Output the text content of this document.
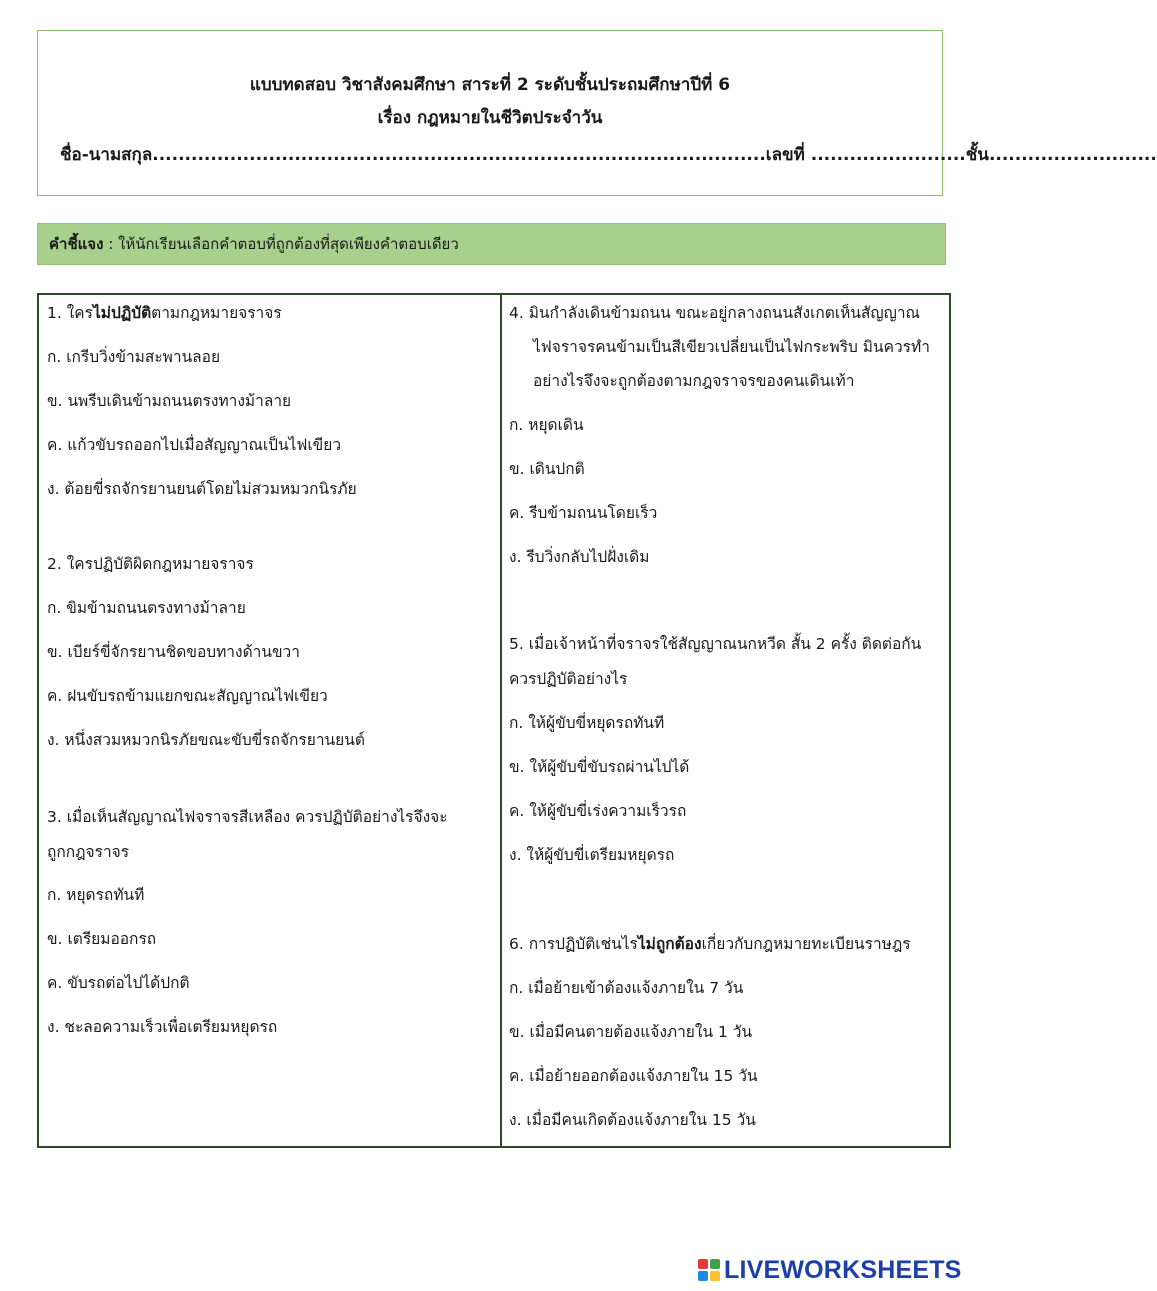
แบบทดสอบ วิชาสังคมศึกษา สาระที่ 2 ระดับชั้นประถมศึกษาปีที่ 6
เรื่อง กฎหมายในชีวิตประจำวัน
ชื่อ-นามสกุล...............................................................................................เลขที่ ........................ชั้น..........................
คำชี้แจง : ให้นักเรียนเลือกคำตอบที่ถูกต้องที่สุดเพียงคำตอบเดียว
1. ใครไม่ปฏิบัติตามกฎหมายจราจร
ก. เกรีบวิ่งข้ามสะพานลอย
ข. นพรีบเดินข้ามถนนตรงทางม้าลาย
ค. แก้วขับรถออกไปเมื่อสัญญาณเป็นไฟเขียว
ง. ต้อยขี่รถจักรยานยนต์โดยไม่สวมหมวกนิรภัย
2. ใครปฏิบัติผิดกฎหมายจราจร
ก. ขิมข้ามถนนตรงทางม้าลาย
ข. เบียร์ขี่จักรยานชิดขอบทางด้านขวา
ค. ฝนขับรถข้ามแยกขณะสัญญาณไฟเขียว
ง. หนึ่งสวมหมวกนิรภัยขณะขับขี่รถจักรยานยนต์
3. เมื่อเห็นสัญญาณไฟจราจรสีเหลือง ควรปฏิบัติอย่างไรจึงจะ
ถูกกฎจราจร
ก. หยุดรถทันที
ข. เตรียมออกรถ
ค. ขับรถต่อไปได้ปกติ
ง. ชะลอความเร็วเพื่อเตรียมหยุดรถ
4. มินกำลังเดินข้ามถนน ขณะอยู่กลางถนนสังเกตเห็นสัญญาณ
ไฟจราจรคนข้ามเป็นสีเขียวเปลี่ยนเป็นไฟกระพริบ มินควรทำ
อย่างไรจึงจะถูกต้องตามกฎจราจรของคนเดินเท้า
ก. หยุดเดิน
ข. เดินปกติ
ค. รีบข้ามถนนโดยเร็ว
ง. รีบวิ่งกลับไปฝั่งเดิม
5. เมื่อเจ้าหน้าที่จราจรใช้สัญญาณนกหวีด สั้น 2 ครั้ง ติดต่อกัน
ควรปฏิบัติอย่างไร
ก. ให้ผู้ขับขี่หยุดรถทันที
ข. ให้ผู้ขับขี่ขับรถผ่านไปได้
ค. ให้ผู้ขับขี่เร่งความเร็วรถ
ง. ให้ผู้ขับขี่เตรียมหยุดรถ
6. การปฏิบัติเช่นไรไม่ถูกต้องเกี่ยวกับกฎหมายทะเบียนราษฎร
ก. เมื่อย้ายเข้าต้องแจ้งภายใน 7 วัน
ข. เมื่อมีคนตายต้องแจ้งภายใน 1 วัน
ค. เมื่อย้ายออกต้องแจ้งภายใน 15 วัน
ง. เมื่อมีคนเกิดต้องแจ้งภายใน 15 วัน
LIVEWORKSHEETS
